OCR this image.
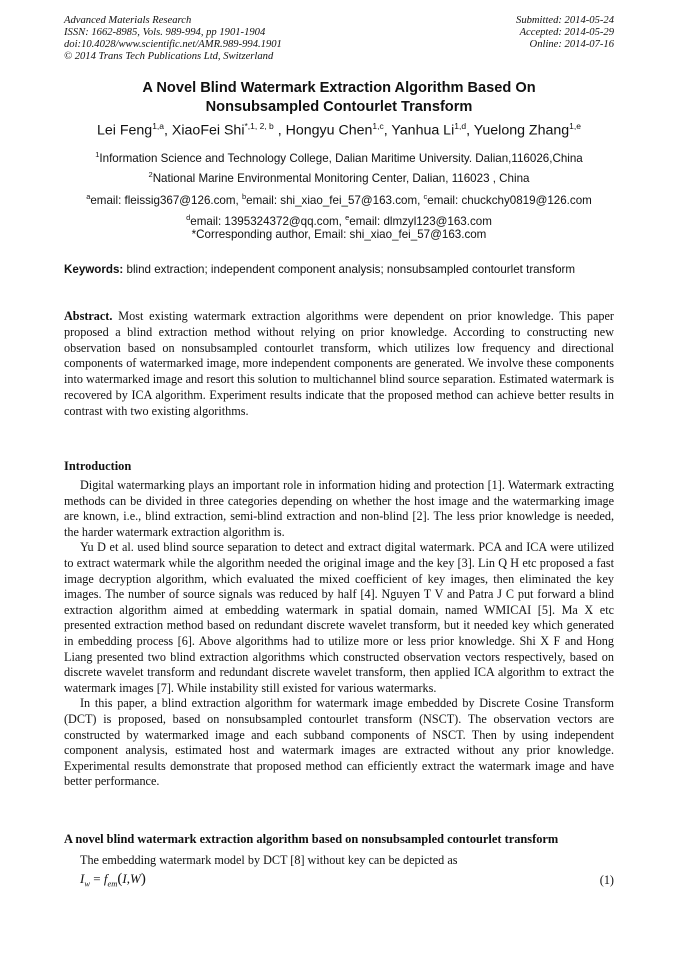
Advanced Materials Research
ISSN: 1662-8985, Vols. 989-994, pp 1901-1904
doi:10.4028/www.scientific.net/AMR.989-994.1901
© 2014 Trans Tech Publications Ltd, Switzerland
Submitted: 2014-05-24
Accepted: 2014-05-29
Online: 2014-07-16
A Novel Blind Watermark Extraction Algorithm Based On
Nonsubsampled Contourlet Transform
Lei Feng$^{1,a}$, XiaoFei Shi$^{*,1, 2, b}$ , Hongyu Chen$^{1,c}$, Yanhua Li$^{1,d}$, Yuelong Zhang$^{1,e}$
$^1$Information Science and Technology College, Dalian Maritime University. Dalian,116026,China
$^2$National Marine Environmental Monitoring Center, Dalian, 116023 , China
$^a$email: fleissig367@126.com, $^b$email: shi_xiao_fei_57@163.com, $^c$email: chuckchy0819@126.com
$^d$email: 1395324372@qq.com, $^e$email: dlmzyl123@163.com
*Corresponding author, Email: shi_xiao_fei_57@163.com
Keywords: blind extraction; independent component analysis; nonsubsampled contourlet transform
Abstract. Most existing watermark extraction algorithms were dependent on prior knowledge. This paper proposed a blind extraction method without relying on prior knowledge. According to constructing new observation based on nonsubsampled contourlet transform, which utilizes low frequency and directional components of watermarked image, more independent components are generated. We involve these components into watermarked image and resort this solution to multichannel blind source separation. Estimated watermark is recovered by ICA algorithm. Experiment results indicate that the proposed method can achieve better results in contrast with two existing algorithms.
Introduction

Digital watermarking plays an important role in information hiding and protection [1]. Watermark extracting methods can be divided in three categories depending on whether the host image and the watermarking image are known, i.e., blind extraction, semi-blind extraction and non-blind [2]. The less prior knowledge is needed, the harder watermark extraction algorithm is.

Yu D et al. used blind source separation to detect and extract digital watermark. PCA and ICA were utilized to extract watermark while the algorithm needed the original image and the key [3]. Lin Q H etc proposed a fast image decryption algorithm, which evaluated the mixed coefficient of key images, then eliminated the key images. The number of source signals was reduced by half [4]. Nguyen T V and Patra J C put forward a blind extraction algorithm aimed at embedding watermark in spatial domain, named WMICAI [5]. Ma X etc presented extraction method based on redundant discrete wavelet transform, but it needed key which generated in embedding process [6]. Above algorithms had to utilize more or less prior knowledge. Shi X F and Hong Liang presented two blind extraction algorithms which constructed observation vectors respectively, based on discrete wavelet transform and redundant discrete wavelet transform, then applied ICA algorithm to extract the watermark images [7]. While instability still existed for various watermarks.

In this paper, a blind extraction algorithm for watermark image embedded by Discrete Cosine Transform (DCT) is proposed, based on nonsubsampled contourlet transform (NSCT). The observation vectors are constructed by watermarked image and each subband components of NSCT. Then by using independent component analysis, estimated host and watermark images are extracted without any prior knowledge. Experimental results demonstrate that proposed method can efficiently extract the watermark image and have better performance.

A novel blind watermark extraction algorithm based on nonsubsampled contourlet transform
The embedding watermark model by DCT [8] without key can be depicted as
$I_w = f_{em}(I,W)$	(1)
